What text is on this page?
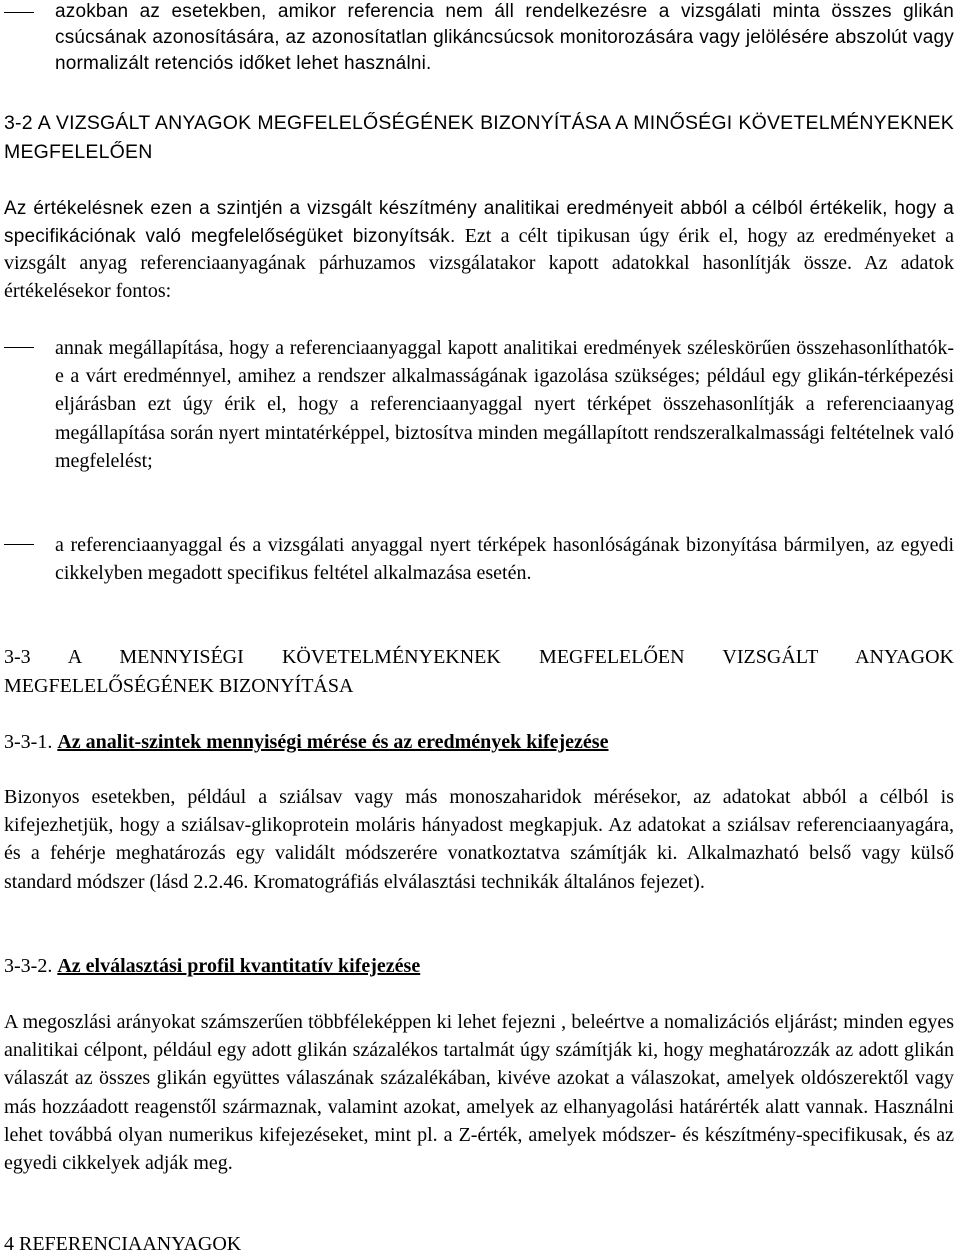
azokban az esetekben, amikor referencia nem áll rendelkezésre a vizsgálati minta összes glikán csúcsának azonosítására, az azonosítatlan glikáncsúcsok monitorozására vagy jelölésére abszolút vagy normalizált retenciós időket lehet használni.
3-2 A VIZSGÁLT ANYAGOK MEGFELELŐSÉGÉNEK BIZONYÍTÁSA A MINŐSÉGI KÖVETELMÉNYEKNEK MEGFELELŐEN
Az értékelésnek ezen a szintjén a vizsgált készítmény analitikai eredményeit abból a célból értékelik, hogy a specifikációnak való megfelelőségüket bizonyítsák. Ezt a célt tipikusan úgy érik el, hogy az eredményeket a vizsgált anyag referenciaanyagának párhuzamos vizsgálatakor kapott adatokkal hasonlítják össze. Az adatok értékelésekor fontos:
annak megállapítása, hogy a referenciaanyaggal kapott analitikai eredmények széleskörűen összehasonlíthatók-e a várt eredménnyel, amihez a rendszer alkalmasságának igazolása szükséges; például egy glikán-térképezési eljárásban ezt úgy érik el, hogy a referenciaanyaggal nyert térképet összehasonlítják a referenciaanyag megállapítása során nyert mintatérképpel, biztosítva minden megállapított rendszeralkalmassági feltételnek való megfelelést;
a referenciaanyaggal és a vizsgálati anyaggal nyert térképek hasonlóságának bizonyítása bármilyen, az egyedi cikkelyben megadott specifikus feltétel alkalmazása esetén.
3-3 A MENNYISÉGI KÖVETELMÉNYEKNEK MEGFELELŐEN VIZSGÁLT ANYAGOK MEGFELELŐSÉGÉNEK BIZONYÍTÁSA
3-3-1. Az analit-szintek mennyiségi mérése és az eredmények kifejezése
Bizonyos esetekben, például a sziálsav vagy más monoszaharidok mérésekor, az adatokat abból a célból is kifejezhetjük, hogy a sziálsav-glikoprotein moláris hányadost megkapjuk. Az adatokat a sziálsav referenciaanyagára, és a fehérje meghatározás egy validált módszerére vonatkoztatva számítják ki. Alkalmazható belső vagy külső standard módszer (lásd 2.2.46. Kromatográfiás elválasztási technikák általános fejezet).
3-3-2. Az elválasztási profil kvantitatív kifejezése
A megoszlási arányokat számszerűen többféleképpen ki lehet fejezni , beleértve a nomalizációs eljárást; minden egyes analitikai célpont, például egy adott glikán százalékos tartalmát úgy számítják ki, hogy meghatározzák az adott glikán válaszát az összes glikán együttes válaszának százalékában, kivéve azokat a válaszokat, amelyek oldószerektől vagy más hozzáadott reagenstől származnak, valamint azokat, amelyek az elhanyagolási határérték alatt vannak. Használni lehet továbbá olyan numerikus kifejezéseket, mint pl. a Z-érték, amelyek módszer- és készítmény-specifikusak, és az egyedi cikkelyek adják meg.
4 REFERENCIAANYAGOK
